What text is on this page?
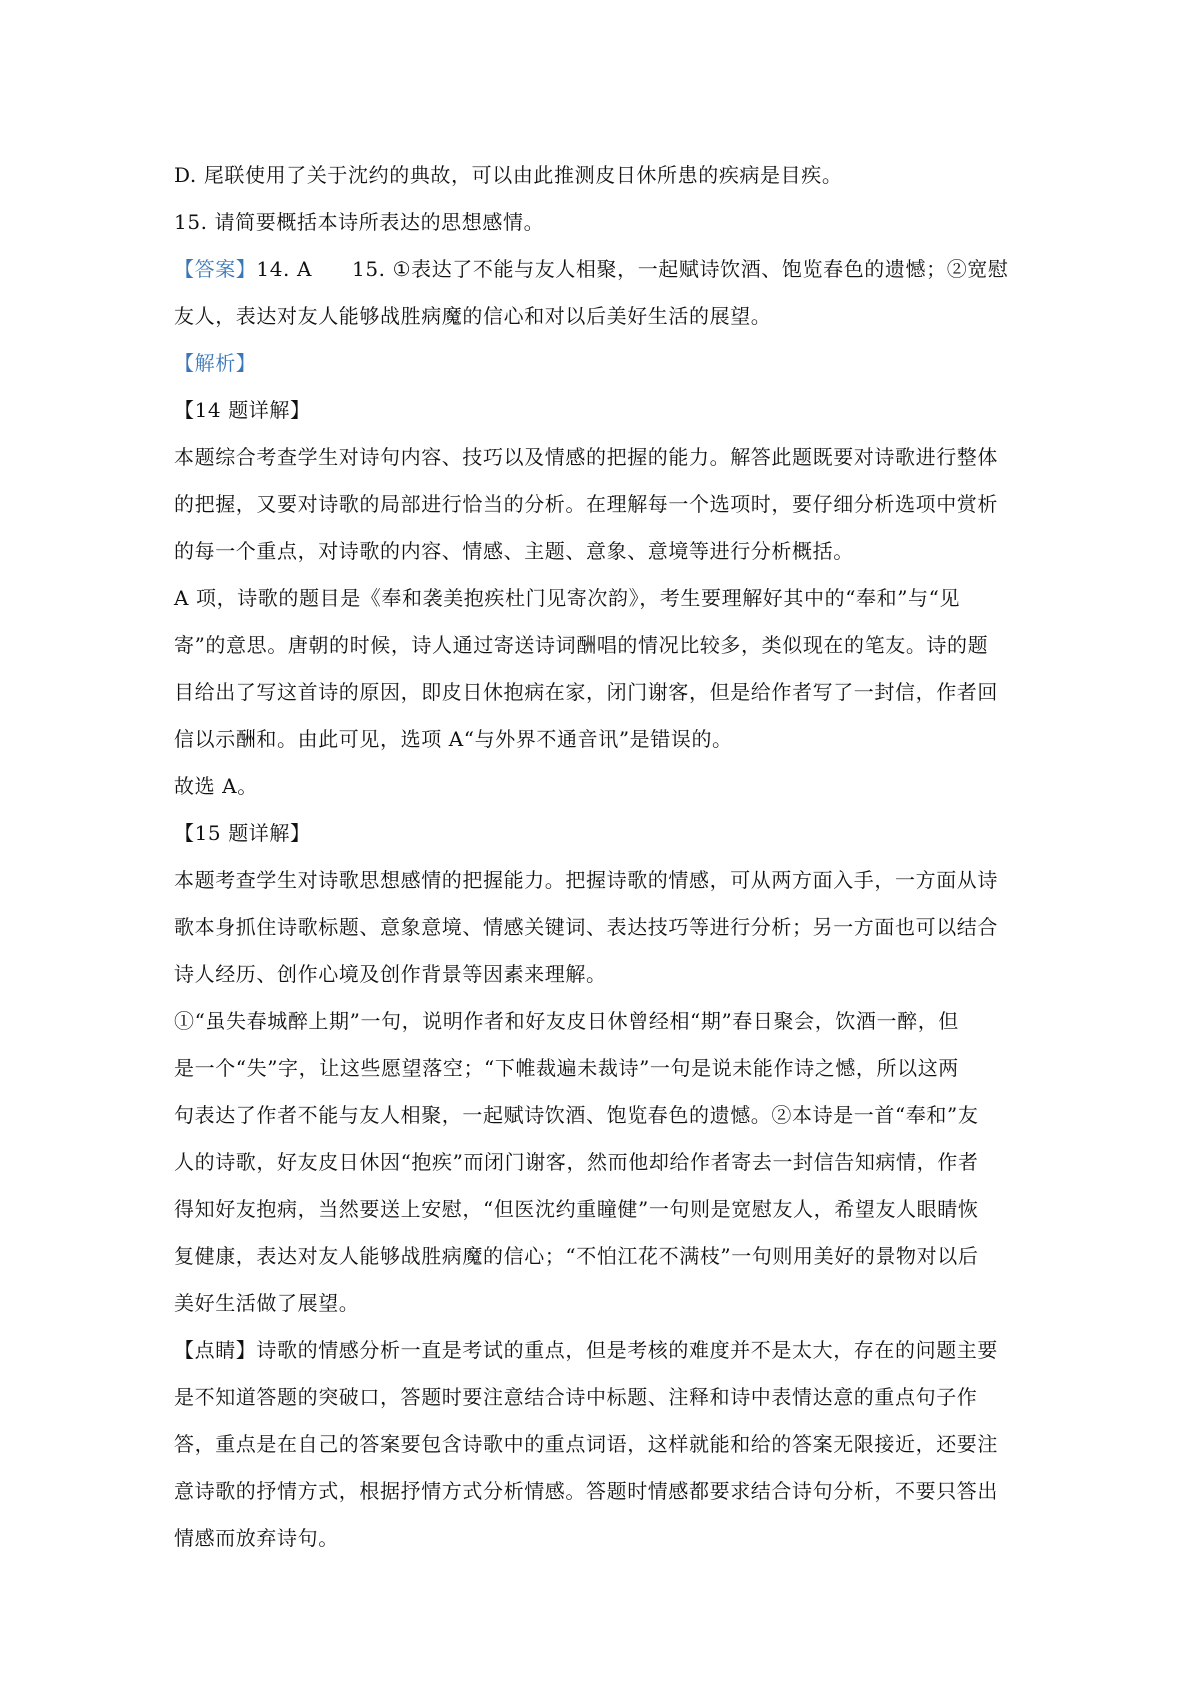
D. 尾联使用了关于沈约的典故，可以由此推测皮日休所患的疾病是目疾。

15. 请简要概括本诗所表达的思想感情。

【答案】14. A 15. ①表达了不能与友人相聚，一起赋诗饮酒、饱览春色的遗憾；②宽慰

友人，表达对友人能够战胜病魔的信心和对以后美好生活的展望。

【解析】

【14 题详解】

本题综合考查学生对诗句内容、技巧以及情感的把握的能力。解答此题既要对诗歌进行整体

的把握，又要对诗歌的局部进行恰当的分析。在理解每一个选项时，要仔细分析选项中赏析

的每一个重点，对诗歌的内容、情感、主题、意象、意境等进行分析概括。

A 项，诗歌的题目是《奉和袭美抱疾杜门见寄次韵》，考生要理解好其中的“奉和”与“见

寄”的意思。唐朝的时候，诗人通过寄送诗词酬唱的情况比较多，类似现在的笔友。诗的题

目给出了写这首诗的原因，即皮日休抱病在家，闭门谢客，但是给作者写了一封信，作者回

信以示酬和。由此可见，选项 A“与外界不通音讯”是错误的。

故选 A。

【15 题详解】

本题考查学生对诗歌思想感情的把握能力。把握诗歌的情感，可从两方面入手，一方面从诗

歌本身抓住诗歌标题、意象意境、情感关键词、表达技巧等进行分析；另一方面也可以结合

诗人经历、创作心境及创作背景等因素来理解。

①“虽失春城醉上期”一句，说明作者和好友皮日休曾经相“期”春日聚会，饮酒一醉，但

是一个“失”字，让这些愿望落空；“下帷裁遍未裁诗”一句是说未能作诗之憾，所以这两

句表达了作者不能与友人相聚，一起赋诗饮酒、饱览春色的遗憾。②本诗是一首“奉和”友

人的诗歌，好友皮日休因“抱疾”而闭门谢客，然而他却给作者寄去一封信告知病情，作者

得知好友抱病，当然要送上安慰，“但医沈约重瞳健”一句则是宽慰友人，希望友人眼睛恢

复健康，表达对友人能够战胜病魔的信心；“不怕江花不满枝”一句则用美好的景物对以后

美好生活做了展望。

【点睛】诗歌的情感分析一直是考试的重点，但是考核的难度并不是太大，存在的问题主要

是不知道答题的突破口，答题时要注意结合诗中标题、注释和诗中表情达意的重点句子作

答，重点是在自己的答案要包含诗歌中的重点词语，这样就能和给的答案无限接近，还要注

意诗歌的抒情方式，根据抒情方式分析情感。答题时情感都要求结合诗句分析，不要只答出

情感而放弃诗句。
